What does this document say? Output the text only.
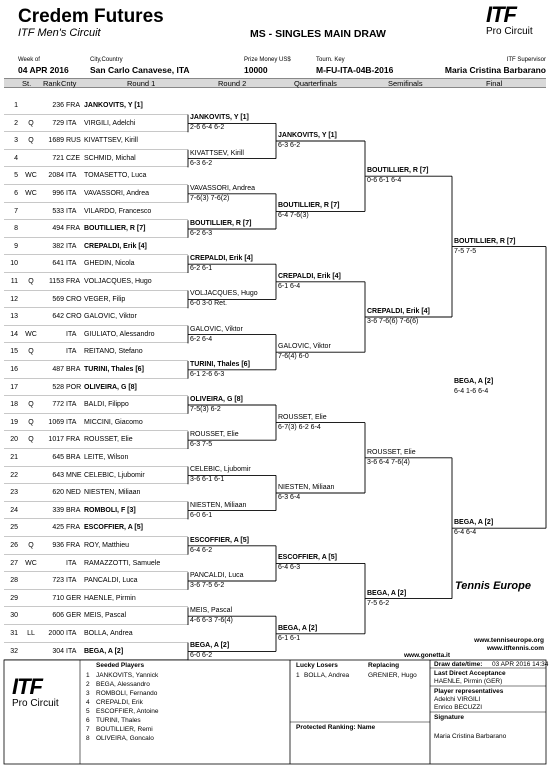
Credem Futures
ITF Men's Circuit	MS - SINGLES MAIN DRAW
ITF
Pro Circuit
Week of
04 APR 2016
City,Country
San Carlo Canavese, ITA
Prize Money US$
10000
Tourn. Key
M-FU-ITA-04B-2016
ITF Supervisor
Maria Cristina Barbarano
St. Rank Cnty	Round 1	Round 2	Quarterfinals	Semifinals	Final
1	236 FRA JANKOVITS, Y [1]
2	Q	729 ITA VIRGILI, Adelchi
3	Q	1689 RUS KIVATTSEV, Kirill
4	721 CZE SCHMID, Michal
5	WC	2084 ITA TOMASETTO, Luca
6	WC	996 ITA VAVASSORI, Andrea
7	533 ITA VILARDO, Francesco
8	494 FRA BOUTILLIER, R [7]
9	382 ITA CREPALDI, Erik [4]
10	641 ITA GHEDIN, Nicola
11	Q	1153 FRA VOLJACQUES, Hugo
12	569 CRO VEGER, Filip
13	642 CRO GALOVIC, Viktor
14	WC	ITA GIULIATO, Alessandro
15	Q	ITA REITANO, Stefano
16	487 BRA TURINI, Thales [6]
17	528 POR OLIVEIRA, G [8]
18	Q	772 ITA BALDI, Filippo
19	Q	1069 ITA MICCINI, Giacomo
20	Q	1017 FRA ROUSSET, Elie
21	645 BRA LEITE, Wilson
22	643 MNE CELEBIC, Ljubomir
23	620 NED NIESTEN, Miliaan
24	339 BRA ROMBOLI, F [3]
25	425 FRA ESCOFFIER, A [5]
26	Q	936 FRA ROY, Matthieu
27	WC	ITA RAMAZZOTTI, Samuele
28	723 ITA PANCALDI, Luca
29	710 GER HAENLE, Pirmin
30	606 GER MEIS, Pascal
31	LL	2000 ITA BOLLA, Andrea
32	304 ITA BEGA, A [2]
JANKOVITS, Y [1]
2-6 6-4 6-2
KIVATTSEV, Kirill
6-3 6-2
VAVASSORI, Andrea
7-6(3) 7-6(2)
BOUTILLIER, R [7]
6-2 6-3
CREPALDI, Erik [4]
6-2 6-1
VOLJACQUES, Hugo
6-0 3-0 Ret.
GALOVIC, Viktor
6-2 6-4
TURINI, Thales [6]
6-1 2-6 6-3
OLIVEIRA, G [8]
7-5(3) 6-2
ROUSSET, Elie
6-3 7-5
CELEBIC, Ljubomir
3-6 6-1 6-1
NIESTEN, Miliaan
6-0 6-1
ESCOFFIER, A [5]
6-4 6-2
PANCALDI, Luca
3-6 7-5 6-2
MEIS, Pascal
4-6 6-3 7-6(4)
BEGA, A [2]
6-0 6-2
JANKOVITS, Y [1]
6-3 6-2
BOUTILLIER, R [7]
6-4 7-6(3)
CREPALDI, Erik [4]
6-1 6-4
GALOVIC, Viktor
7-6(4) 6-0
ROUSSET, Elie
6-7(3) 6-2 6-4
NIESTEN, Miliaan
6-3 6-4
ESCOFFIER, A [5]
6-4 6-3
BEGA, A [2]
6-1 6-1
BOUTILLIER, R [7]
0-6 6-1 6-4
CREPALDI, Erik [4]
3-6 7-6(6) 7-6(6)
ROUSSET, Elie
3-6 6-4 7-6(4)
BEGA, A [2]
7-5 6-2
BOUTILLIER, R [7]
7-5 7-5
BEGA, A [2]
6-4 6-4
BEGA, A [2]
6-4 1-6 6-4
Tennis Europe
www.tenniseurope.org
www.itftennis.com
www.gonetta.it
ITF
Pro Circuit
Seeded Players
1 JANKOVITS, Yannick
2 BEGA, Alessandro
3 ROMBOLI, Fernando
4 CREPALDI, Erik
5 ESCOFFIER, Antoine
6 TURINI, Thales
7 BOUTILLIER, Remi
8 OLIVEIRA, Goncalo
Lucky Losers	Replacing
1 BOLLA, Andrea	GRENIER, Hugo
Protected Ranking: Name
Draw date/time: 03 APR 2016 14:34
Last Direct Acceptance
HAENLE, Pirmin (GER)
Player representatives
Adelchi VIRGILI
Enrico BECUZZI
Signature
Maria Cristina Barbarano
